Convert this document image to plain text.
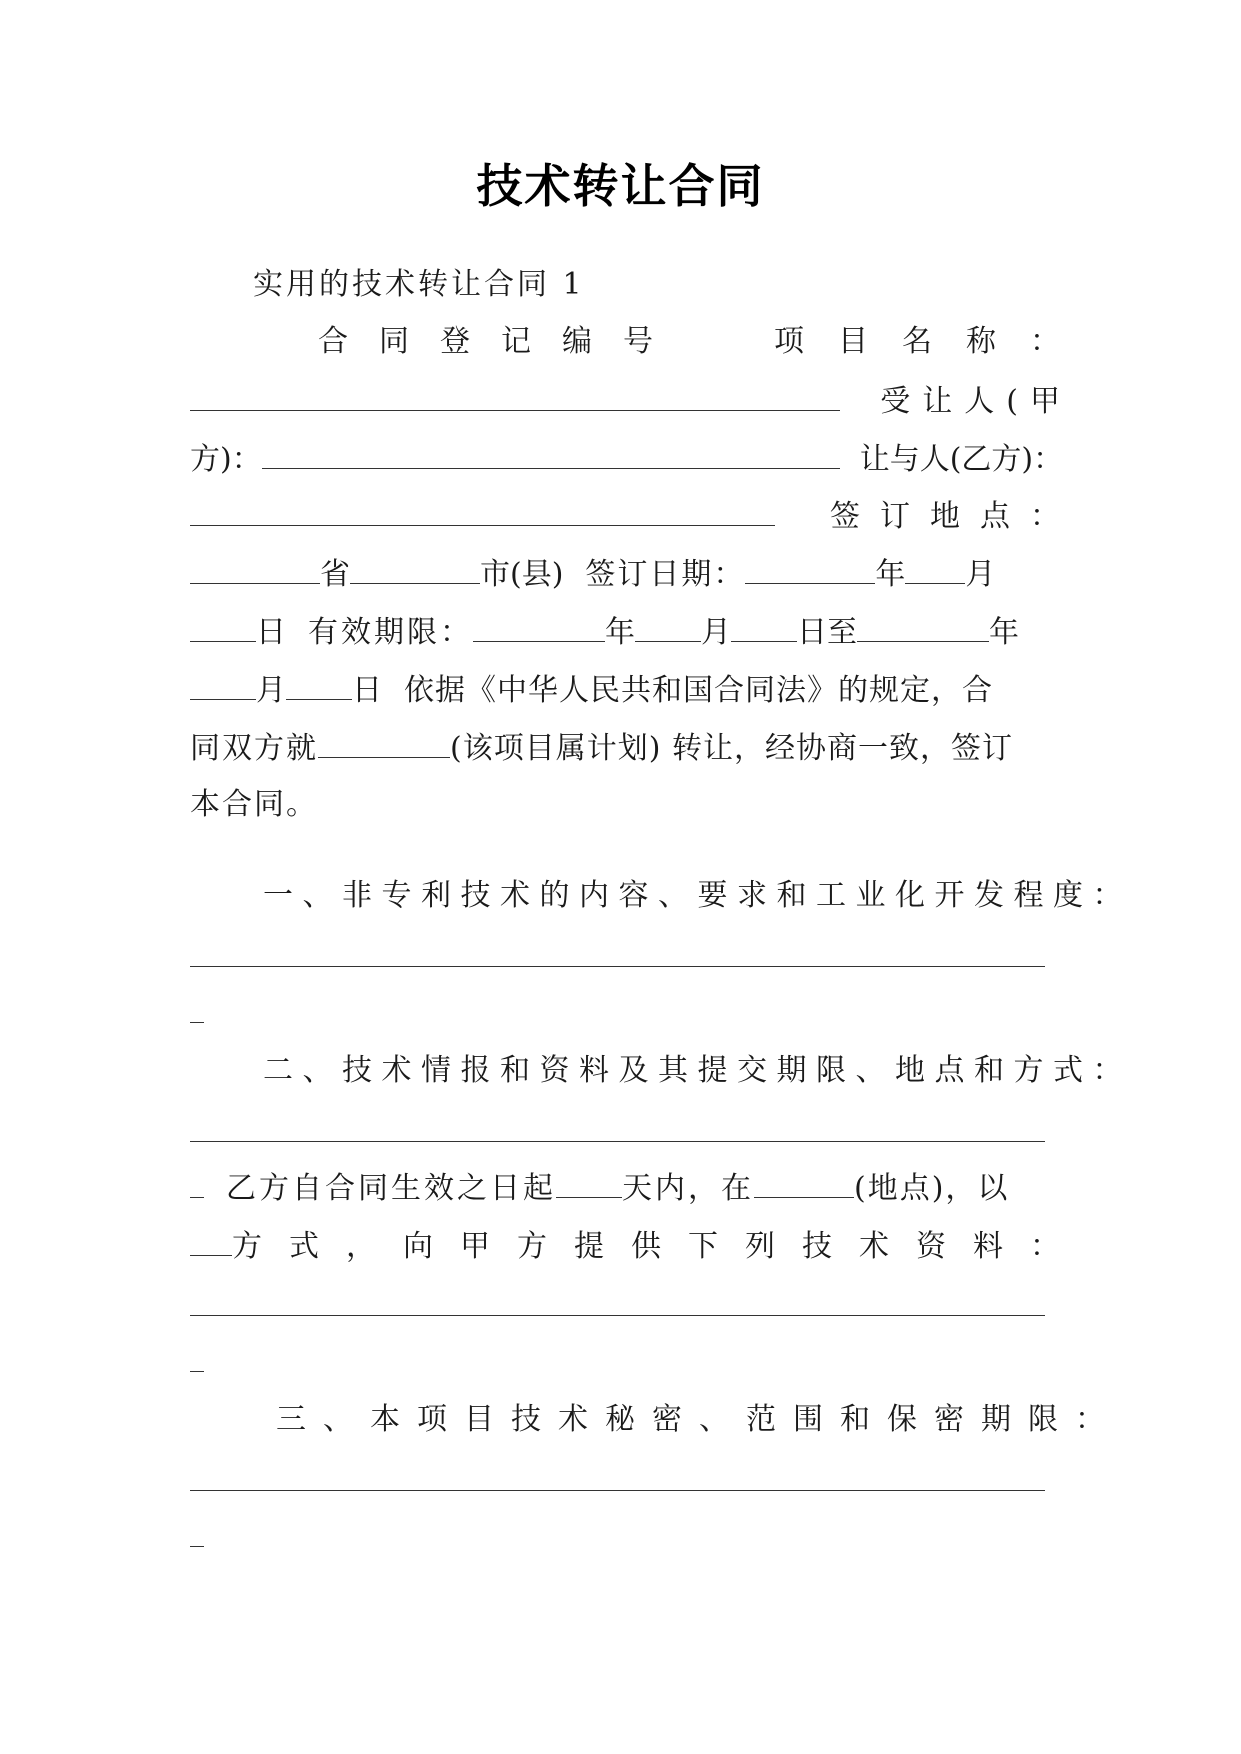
技术转让合同
实用的技术转让合同 1
合同登记编号	项目名称：
受让人(甲
方)：	让与人(乙方)：
签订地点：
省	市(县) 签订日期：	年 月
日 有效期限：	年 月 日至	年
月 日 依据《中华人民共和国合同法》的规定，合
同双方就	(该项目属计划) 转让，经协商一致，签订
本合同。
一、非专利技术的内容、要求和工业化开发程度：
二、技术情报和资料及其提交期限、地点和方式：
乙方自合同生效之日起 天内，在	(地点)，以
方式，向甲方提供下列技术资料：
三、本项目技术秘密、范围和保密期限：
